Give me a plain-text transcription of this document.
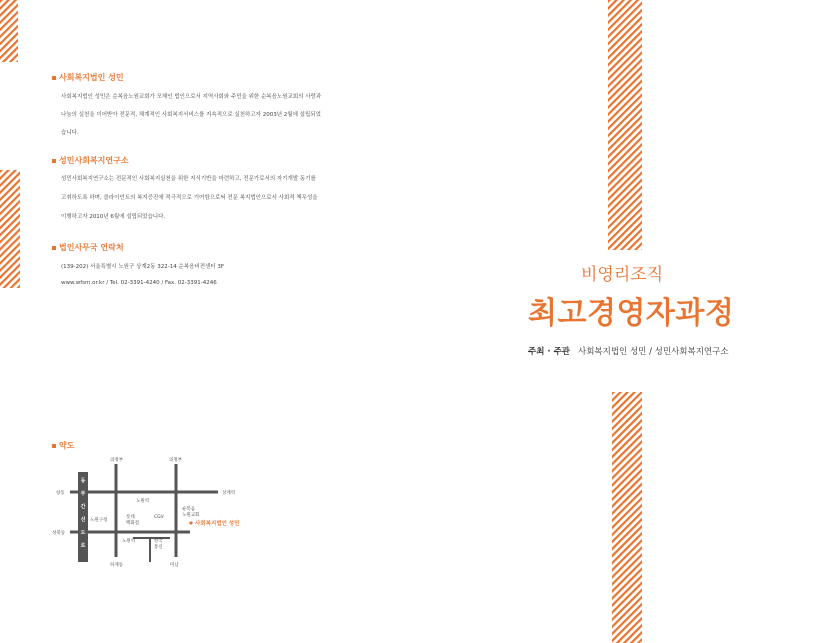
사회복지법인 성민

사회복지법인 성민은 순복음노원교회가 모체인 법인으로서 지역사회와 주민을 위한 순복음노원교회의 사랑과
나눔의 실천을 이어받아 전문적, 체계적인 사회복지서비스를 지속적으로 실천하고자 2003년 2월에 설립되었
습니다.

성민사회복지연구소

성민사회복지연구소는 전문적인 사회복지실천을 위한 지식기반을 마련하고, 전문가로서의 자기개발 동기를
고취하도록 하며, 클라이언트의 복지증진에 적극적으로 기여함으로써 전문 복지법인으로서 사회적 책무성을
이행하고자 2010년 6월에 설립되었습니다.

법인사무국 연락처

(139-202) 서울특별시 노원구 상계2동 322-14 순복음비전센터 3F
www.wfsm.or.kr / Tel. 02-3391-4240 / Fax. 02-3391-4246

약도

동
부
간
선
도
로
의정부	의정부
창동
성북동
상계역
하계동	미남
노원역
노원구청
롯데
백화점
CGV
순복음
노원교회
노원역	한국
통신
사회복지법인 성민
비영리조직
최고경영자과정
주최 · 주관 사회복지법인 성민 / 성민사회복지연구소
